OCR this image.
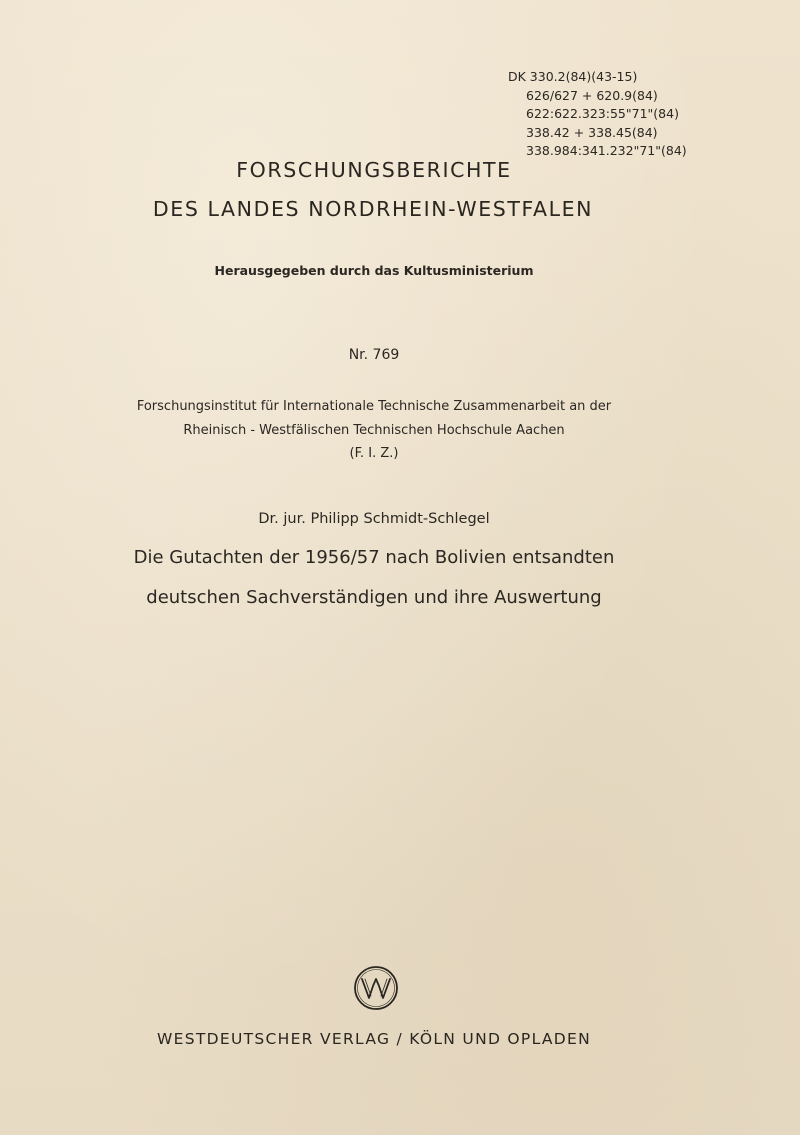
DK 330.2(84)(43-15)
626/627 + 620.9(84)
622:622.323:55"71"(84)
338.42 + 338.45(84)
338.984:341.232"71"(84)
FORSCHUNGSBERICHTE
DES LANDES NORDRHEIN-WESTFALEN
Herausgegeben durch das Kultusministerium
Nr. 769
Forschungsinstitut für Internationale Technische Zusammenarbeit an der
Rheinisch - Westfälischen Technischen Hochschule Aachen
(F. I. Z.)
Dr. jur. Philipp Schmidt-Schlegel
Die Gutachten der 1956/57 nach Bolivien entsandten
deutschen Sachverständigen und ihre Auswertung
WESTDEUTSCHER VERLAG / KÖLN UND OPLADEN
